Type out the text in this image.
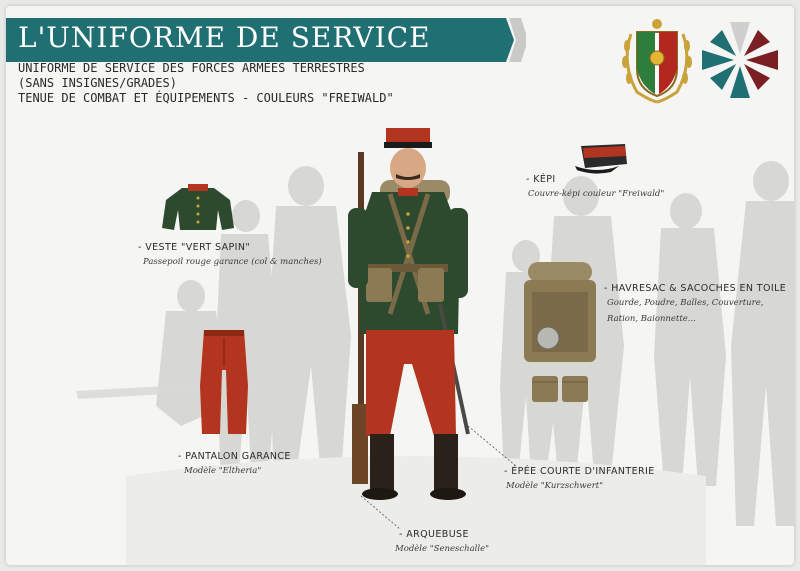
L'UNIFORME DE SERVICE
UNIFORME DE SERVICE DES FORCES ARMÉES TERRESTRES
(SANS INSIGNES/GRADES)
TENUE DE COMBAT ET ÉQUIPEMENTS - COULEURS "FREIWALD"
- VESTE "VERT SAPIN"
Passepoil rouge garance (col & manches)
- PANTALON GARANCE
Modèle "Eltheria"
- KÉPI
Couvre-képi couleur "Freiwald"
- HAVRESAC & SACOCHES EN TOILE
Gourde, Poudre, Balles, Couverture,
Ration, Baionnette...
- ÉPÉE COURTE D'INFANTERIE
Modèle "Kurzschwert"
- ARQUEBUSE
Modèle "Seneschalle"
